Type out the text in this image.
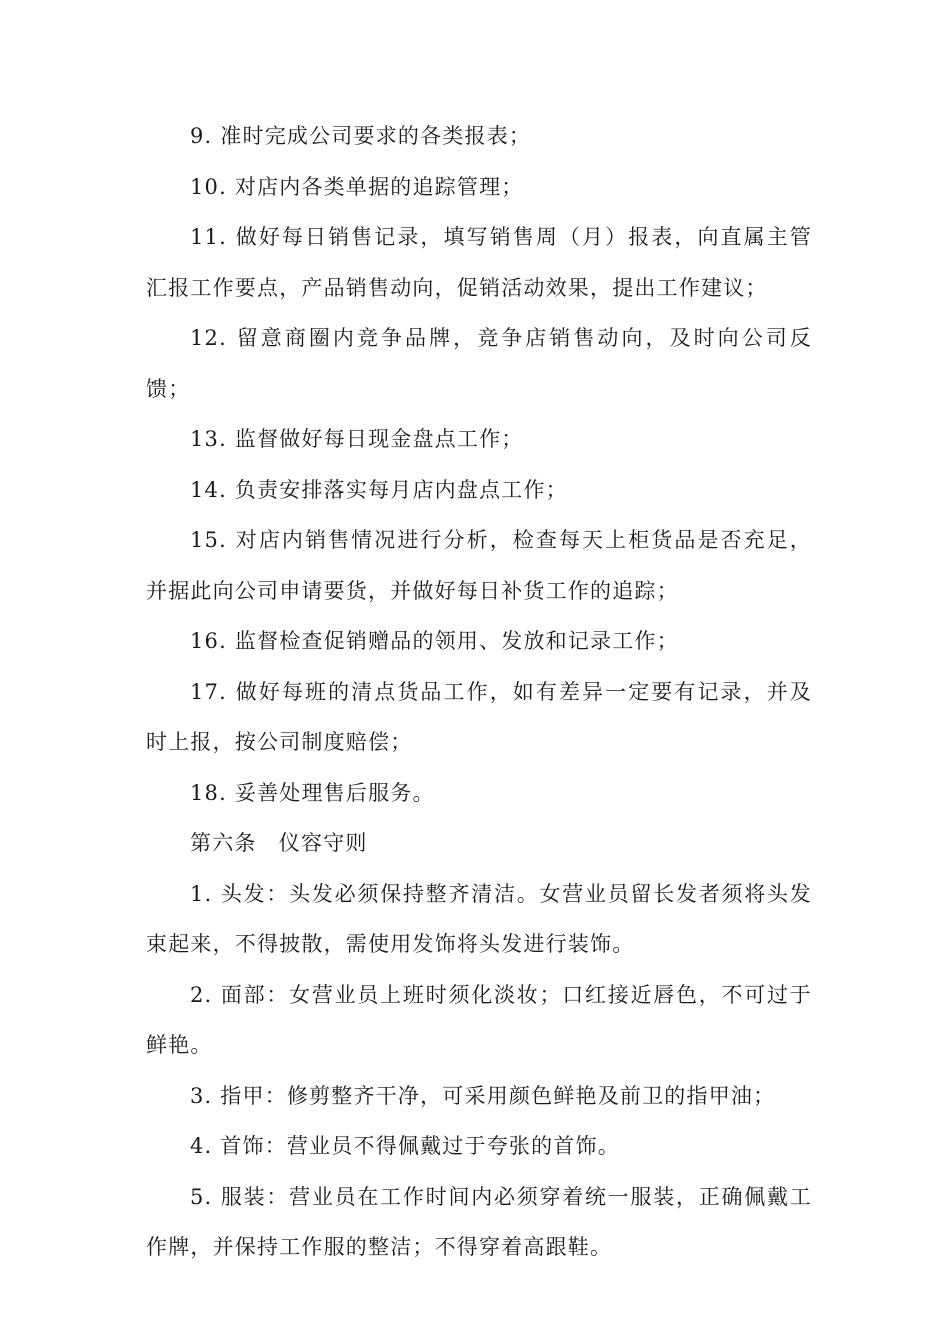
9. 准时完成公司要求的各类报表；

10. 对店内各类单据的追踪管理；

11. 做好每日销售记录，填写销售周（月）报表，向直属主管汇报工作要点，产品销售动向，促销活动效果，提出工作建议；

12. 留意商圈内竞争品牌，竞争店销售动向，及时向公司反馈；

13. 监督做好每日现金盘点工作；

14. 负责安排落实每月店内盘点工作；

15. 对店内销售情况进行分析，检查每天上柜货品是否充足，并据此向公司申请要货，并做好每日补货工作的追踪；

16. 监督检查促销赠品的领用、发放和记录工作；

17. 做好每班的清点货品工作，如有差异一定要有记录，并及时上报，按公司制度赔偿；

18. 妥善处理售后服务。

第六条　仪容守则

1. 头发：头发必须保持整齐清洁。女营业员留长发者须将头发束起来，不得披散，需使用发饰将头发进行装饰。

2. 面部：女营业员上班时须化淡妆；口红接近唇色，不可过于鲜艳。

3. 指甲：修剪整齐干净，可采用颜色鲜艳及前卫的指甲油；

4. 首饰：营业员不得佩戴过于夸张的首饰。

5. 服装：营业员在工作时间内必须穿着统一服装，正确佩戴工作牌，并保持工作服的整洁；不得穿着高跟鞋。
